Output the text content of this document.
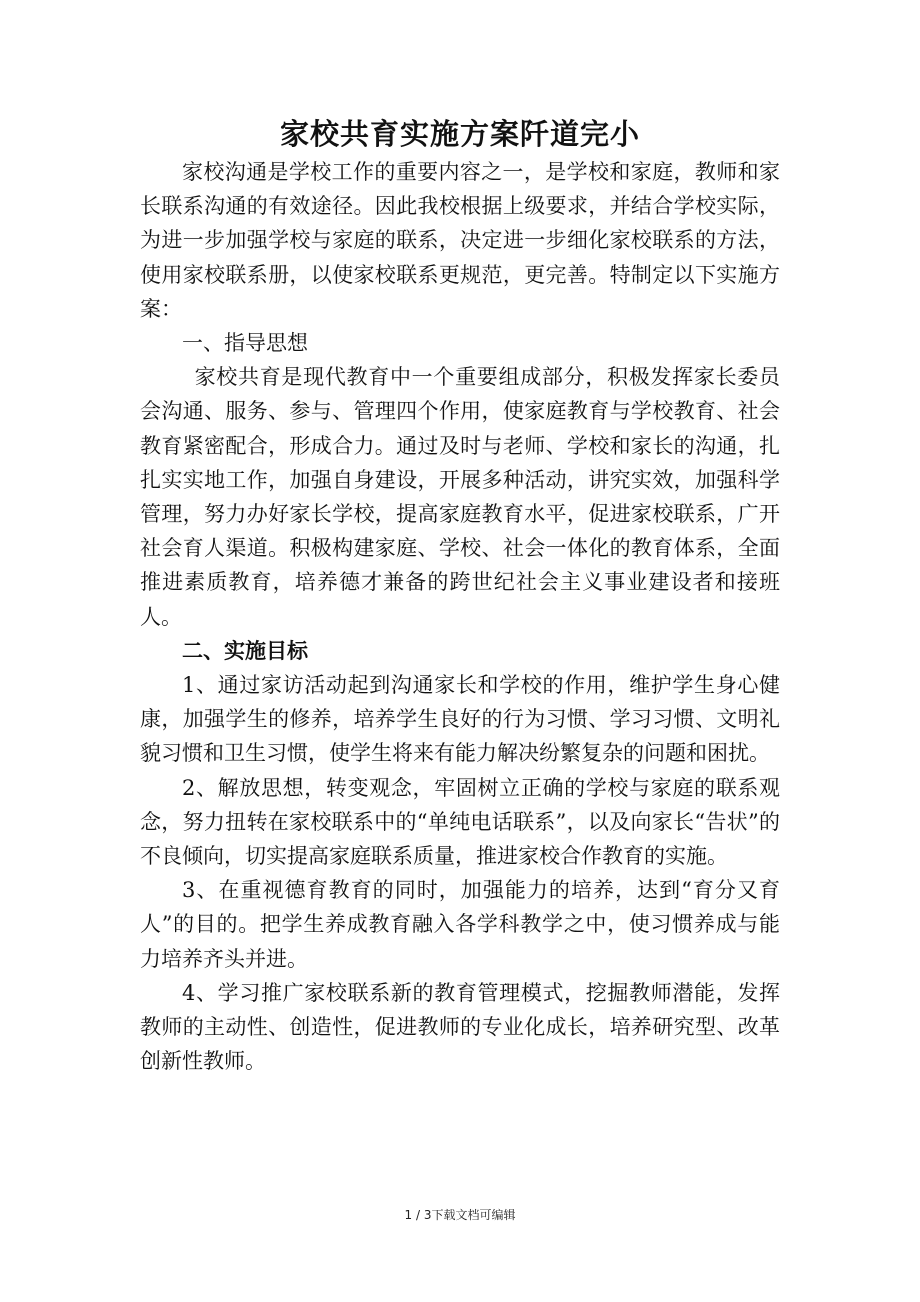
家校共育实施方案阡道完小

家校沟通是学校工作的重要内容之一，是学校和家庭，教师和家长联系沟通的有效途径。因此我校根据上级要求，并结合学校实际，为进一步加强学校与家庭的联系，决定进一步细化家校联系的方法，使用家校联系册，以使家校联系更规范，更完善。特制定以下实施方案：

一、指导思想

家校共育是现代教育中一个重要组成部分，积极发挥家长委员会沟通、服务、参与、管理四个作用，使家庭教育与学校教育、社会教育紧密配合，形成合力。通过及时与老师、学校和家长的沟通，扎扎实实地工作，加强自身建设，开展多种活动，讲究实效，加强科学管理，努力办好家长学校，提高家庭教育水平，促进家校联系，广开社会育人渠道。积极构建家庭、学校、社会一体化的教育体系，全面推进素质教育，培养德才兼备的跨世纪社会主义事业建设者和接班人。

二、实施目标

1、通过家访活动起到沟通家长和学校的作用，维护学生身心健康，加强学生的修养，培养学生良好的行为习惯、学习习惯、文明礼貌习惯和卫生习惯，使学生将来有能力解决纷繁复杂的问题和困扰。

2、解放思想，转变观念，牢固树立正确的学校与家庭的联系观念，努力扭转在家校联系中的“单纯电话联系”，以及向家长“告状”的不良倾向，切实提高家庭联系质量，推进家校合作教育的实施。

3、在重视德育教育的同时，加强能力的培养，达到“育分又育人”的目的。把学生养成教育融入各学科教学之中，使习惯养成与能力培养齐头并进。

4、学习推广家校联系新的教育管理模式，挖掘教师潜能，发挥教师的主动性、创造性，促进教师的专业化成长，培养研究型、改革创新性教师。

1 / 3下载文档可编辑
